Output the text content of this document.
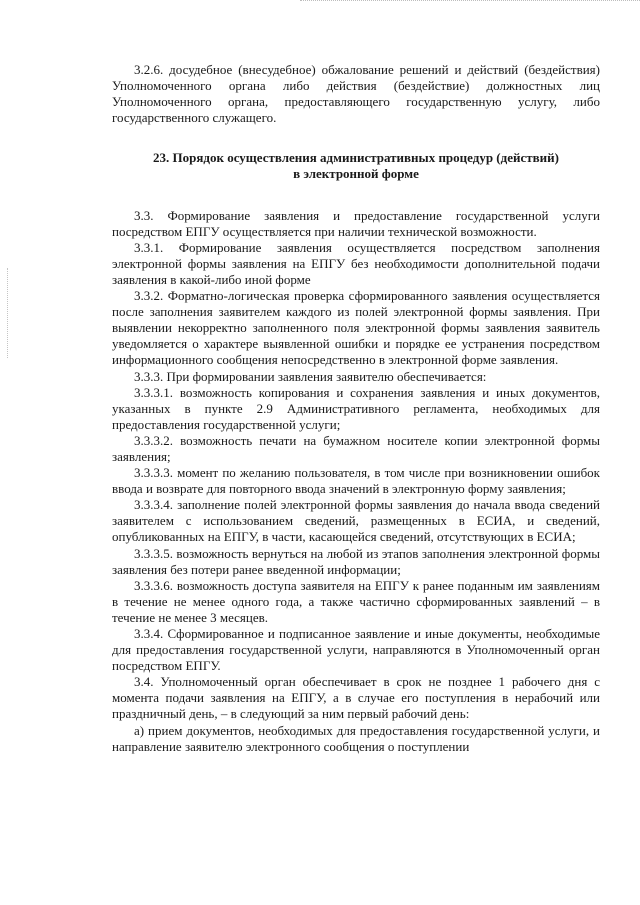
3.2.6. досудебное (внесудебное) обжалование решений и действий (бездействия) Уполномоченного органа либо действия (бездействие) должностных лиц Уполномоченного органа, предоставляющего государственную услугу, либо государственного служащего.

23. Порядок осуществления административных процедур (действий)
в электронной форме

3.3. Формирование заявления и предоставление государственной услуги посредством ЕПГУ осуществляется при наличии технической возможности.

3.3.1. Формирование заявления осуществляется посредством заполнения электронной формы заявления на ЕПГУ без необходимости дополнительной подачи заявления в какой-либо иной форме

3.3.2. Форматно-логическая проверка сформированного заявления осуществляется после заполнения заявителем каждого из полей электронной формы заявления. При выявлении некорректно заполненного поля электронной формы заявления заявитель уведомляется о характере выявленной ошибки и порядке ее устранения посредством информационного сообщения непосредственно в электронной форме заявления.

3.3.3. При формировании заявления заявителю обеспечивается:

3.3.3.1. возможность копирования и сохранения заявления и иных документов, указанных в пункте 2.9 Административного регламента, необходимых для предоставления государственной услуги;

3.3.3.2. возможность печати на бумажном носителе копии электронной формы заявления;

3.3.3.3. момент по желанию пользователя, в том числе при возникновении ошибок ввода и возврате для повторного ввода значений в электронную форму заявления;

3.3.3.4. заполнение полей электронной формы заявления до начала ввода сведений заявителем с использованием сведений, размещенных в ЕСИА, и сведений, опубликованных на ЕПГУ, в части, касающейся сведений, отсутствующих в ЕСИА;

3.3.3.5. возможность вернуться на любой из этапов заполнения электронной формы заявления без потери ранее введенной информации;

3.3.3.6. возможность доступа заявителя на ЕПГУ к ранее поданным им заявлениям в течение не менее одного года, а также частично сформированных заявлений – в течение не менее 3 месяцев.

3.3.4. Сформированное и подписанное заявление и иные документы, необходимые для предоставления государственной услуги, направляются в Уполномоченный орган посредством ЕПГУ.

3.4. Уполномоченный орган обеспечивает в срок не позднее 1 рабочего дня с момента подачи заявления на ЕПГУ, а в случае его поступления в нерабочий или праздничный день, – в следующий за ним первый рабочий день:

а) прием документов, необходимых для предоставления государственной услуги, и направление заявителю электронного сообщения о поступлении
